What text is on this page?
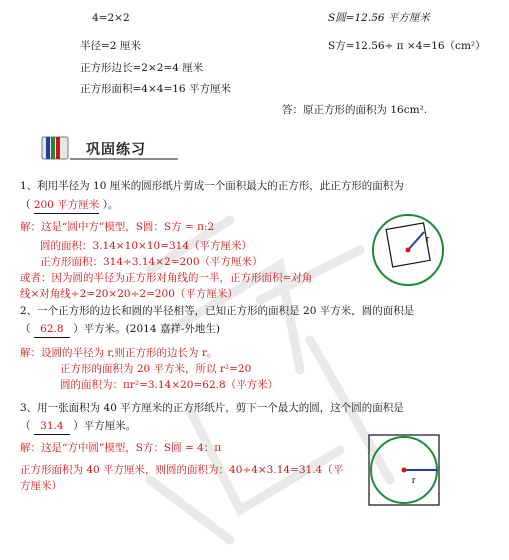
4=2×2
半径=2 厘米
正方形边长=2×2=4 厘米
正方形面积=4×4=16 平方厘米
S圆=12.56 平方厘米
S方=12.56÷ π ×4=16（cm²）
答：原正方形的面积为 16cm².
巩固练习
1、利用半径为 10 厘米的圆形纸片剪成一个面积最大的正方形，此正方形的面积为
（ 200 平方厘米 ）。
解：这是“圆中方”模型，S圆：S方 = π:2
圆的面积：3.14×10×10=314（平方厘米）
正方形面积：314÷3.14×2=200（平方厘米）
或者：因为圆的半径为正方形对角线的一半，正方形面积=对角
线×对角线÷2=20×20÷2=200（平方厘米）
r
2、一个正方形的边长和圆的半径相等，已知正方形的面积是 20 平方米，圆的面积是
（ 62.8 ）平方米。(2014 嘉祥-外地生)
解：设圆的半径为 r,则正方形的边长为 r。
正方形的面积为 20 平方米，所以 r²=20
圆的面积为：πr²=3.14×20=62.8（平方米）
3、用一张面积为 40 平方厘米的正方形纸片，剪下一个最大的圆，这个圆的面积是
（ 31.4 ）平方厘米。
解：这是“方中圆”模型，S方：S圆 = 4：π
正方形面积为 40 平方厘米，则圆的面积为：40÷4×3.14=31.4（平
方厘米）	r
